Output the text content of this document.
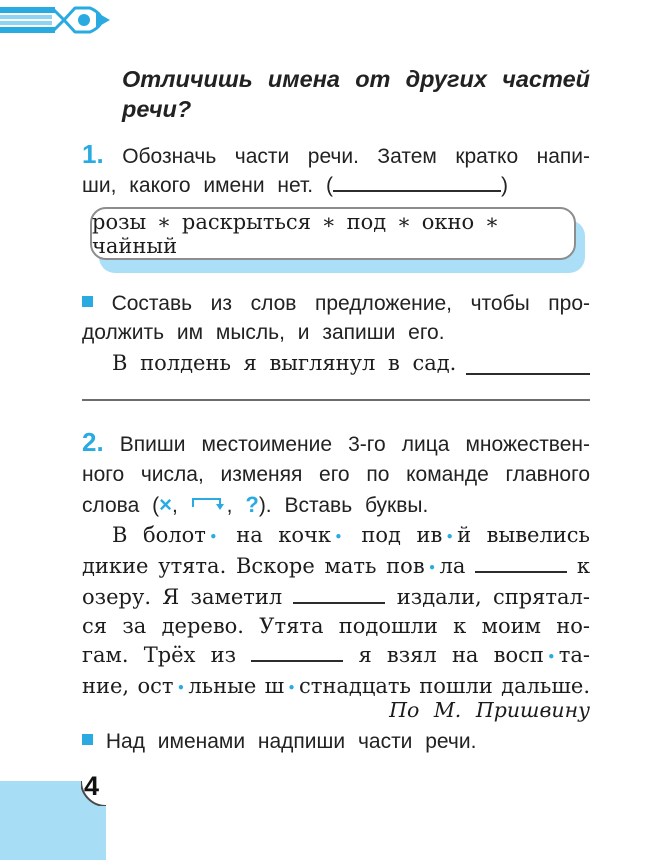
Отличишь имена от других частей
речи?
1. Обозначь части речи. Затем кратко напи-
ши, какого имени нет. (	)
розы ∗ раскрыться ∗ под ∗ окно ∗ чайный
Составь из слов предложение, чтобы про-
должить им мысль, и запиши его.
В полдень я выглянул в сад.
2. Впиши местоимение 3-го лица множествен-
ного числа, изменяя его по команде главного
слова (×, , ?). Вставь буквы.
В болот • на кочк • под ив • й вывелись
дикие утята. Вскоре мать пов • ла	к
озеру. Я заметил	издали, спрятал-
ся за дерево. Утята подошли к моим но-
гам. Трёх из	я взял на восп • та-
ние, ост • льные ш • стнадцать пошли дальше.
По М. Пришвину
Над именами надпиши части речи.
4
